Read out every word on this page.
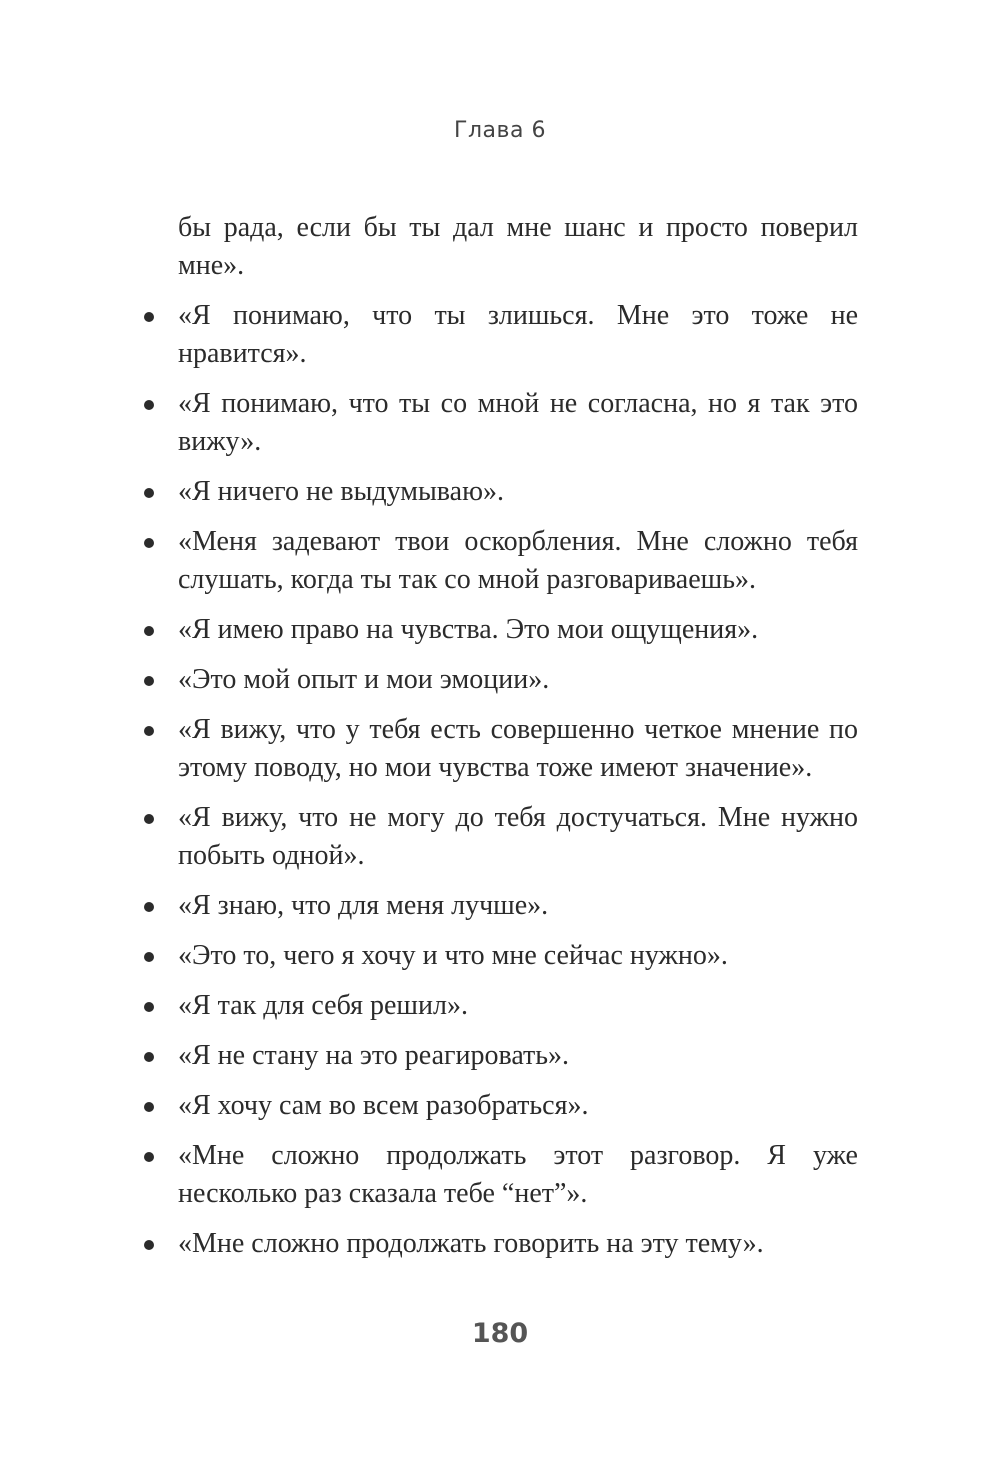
Глава 6

бы рада, если бы ты дал мне шанс и просто поверил мне».

«Я понимаю, что ты злишься. Мне это тоже не нравится».
«Я понимаю, что ты со мной не согласна, но я так это вижу».
«Я ничего не выдумываю».
«Меня задевают твои оскорбления. Мне сложно тебя слушать, когда ты так со мной разговариваешь».
«Я имею право на чувства. Это мои ощущения».
«Это мой опыт и мои эмоции».
«Я вижу, что у тебя есть совершенно четкое мнение по этому поводу, но мои чувства тоже имеют значение».
«Я вижу, что не могу до тебя достучаться. Мне нужно побыть одной».
«Я знаю, что для меня лучше».
«Это то, чего я хочу и что мне сейчас нужно».
«Я так для себя решил».
«Я не стану на это реагировать».
«Я хочу сам во всем разобраться».
«Мне сложно продолжать этот разговор. Я уже несколько раз сказала тебе “нет”».
«Мне сложно продолжать говорить на эту тему».
180
